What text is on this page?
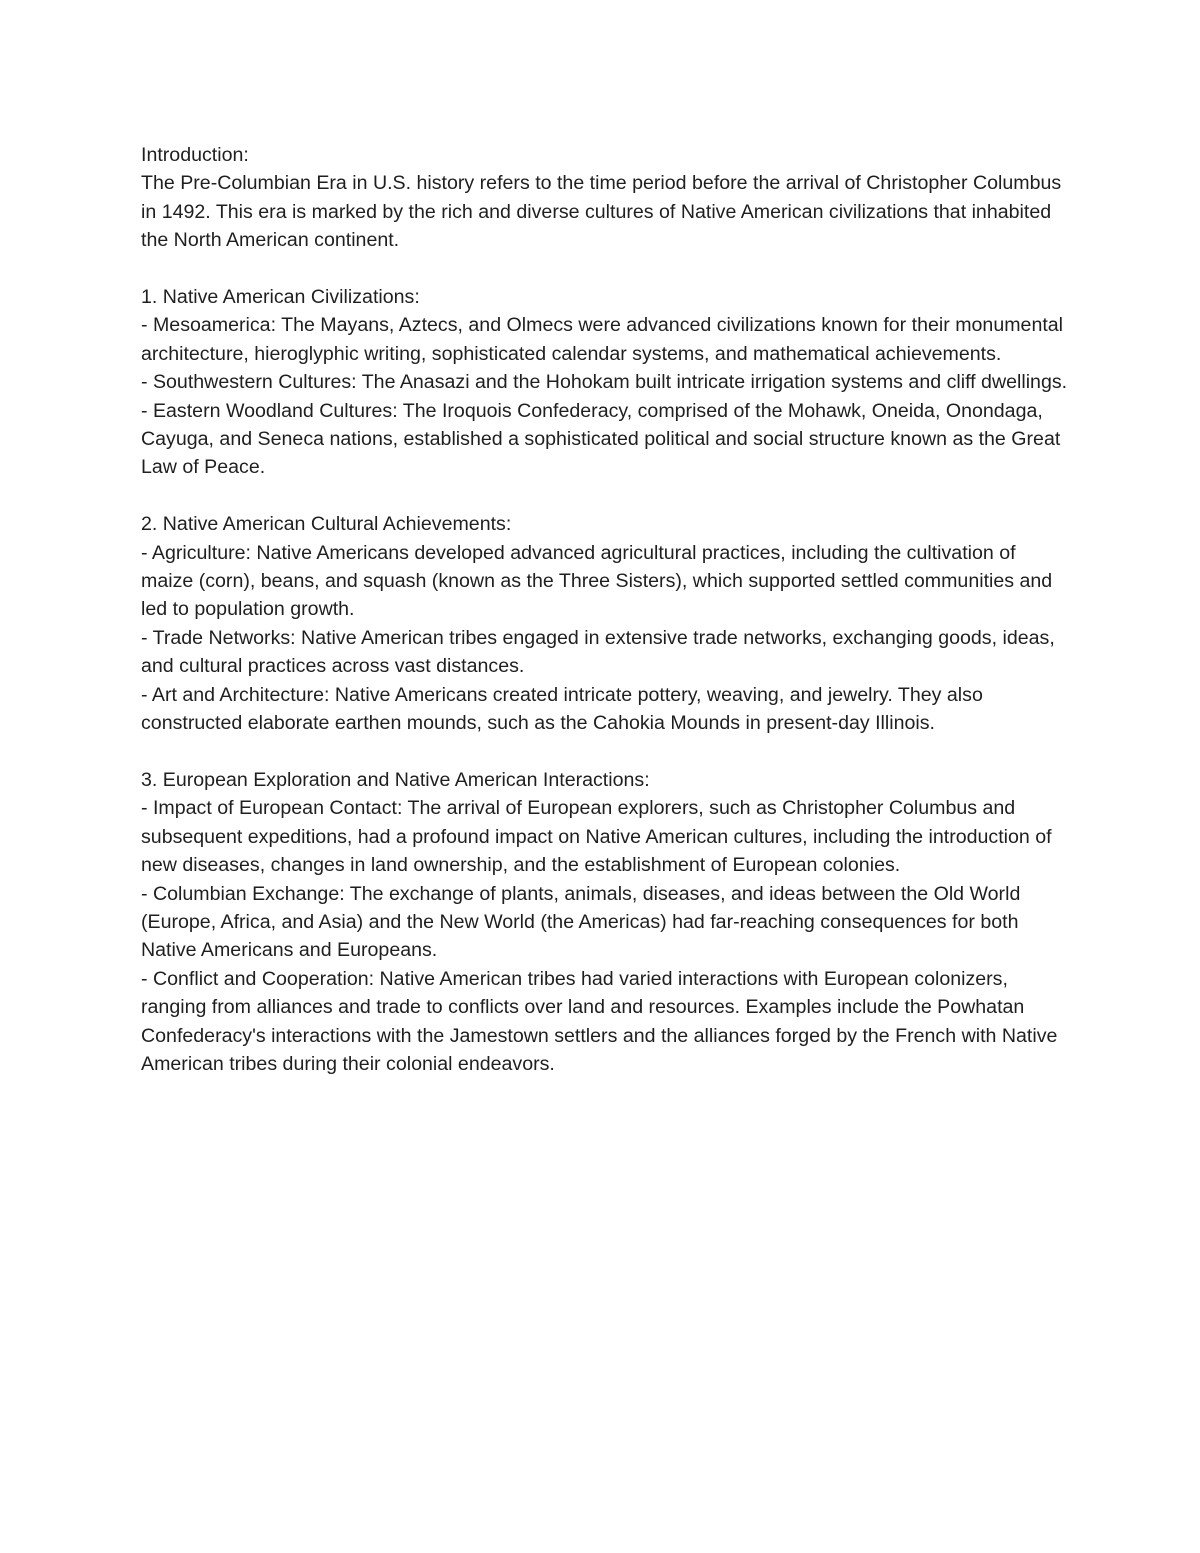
Introduction:

The Pre-Columbian Era in U.S. history refers to the time period before the arrival of Christopher Columbus in 1492. This era is marked by the rich and diverse cultures of Native American civilizations that inhabited the North American continent.

1. Native American Civilizations:

- Mesoamerica: The Mayans, Aztecs, and Olmecs were advanced civilizations known for their monumental architecture, hieroglyphic writing, sophisticated calendar systems, and mathematical achievements.

- Southwestern Cultures: The Anasazi and the Hohokam built intricate irrigation systems and cliff dwellings.

- Eastern Woodland Cultures: The Iroquois Confederacy, comprised of the Mohawk, Oneida, Onondaga, Cayuga, and Seneca nations, established a sophisticated political and social structure known as the Great Law of Peace.

2. Native American Cultural Achievements:

- Agriculture: Native Americans developed advanced agricultural practices, including the cultivation of maize (corn), beans, and squash (known as the Three Sisters), which supported settled communities and led to population growth.

- Trade Networks: Native American tribes engaged in extensive trade networks, exchanging goods, ideas, and cultural practices across vast distances.

- Art and Architecture: Native Americans created intricate pottery, weaving, and jewelry. They also constructed elaborate earthen mounds, such as the Cahokia Mounds in present-day Illinois.

3. European Exploration and Native American Interactions:

- Impact of European Contact: The arrival of European explorers, such as Christopher Columbus and subsequent expeditions, had a profound impact on Native American cultures, including the introduction of new diseases, changes in land ownership, and the establishment of European colonies.

- Columbian Exchange: The exchange of plants, animals, diseases, and ideas between the Old World (Europe, Africa, and Asia) and the New World (the Americas) had far-reaching consequences for both Native Americans and Europeans.

- Conflict and Cooperation: Native American tribes had varied interactions with European colonizers, ranging from alliances and trade to conflicts over land and resources. Examples include the Powhatan Confederacy's interactions with the Jamestown settlers and the alliances forged by the French with Native American tribes during their colonial endeavors.
